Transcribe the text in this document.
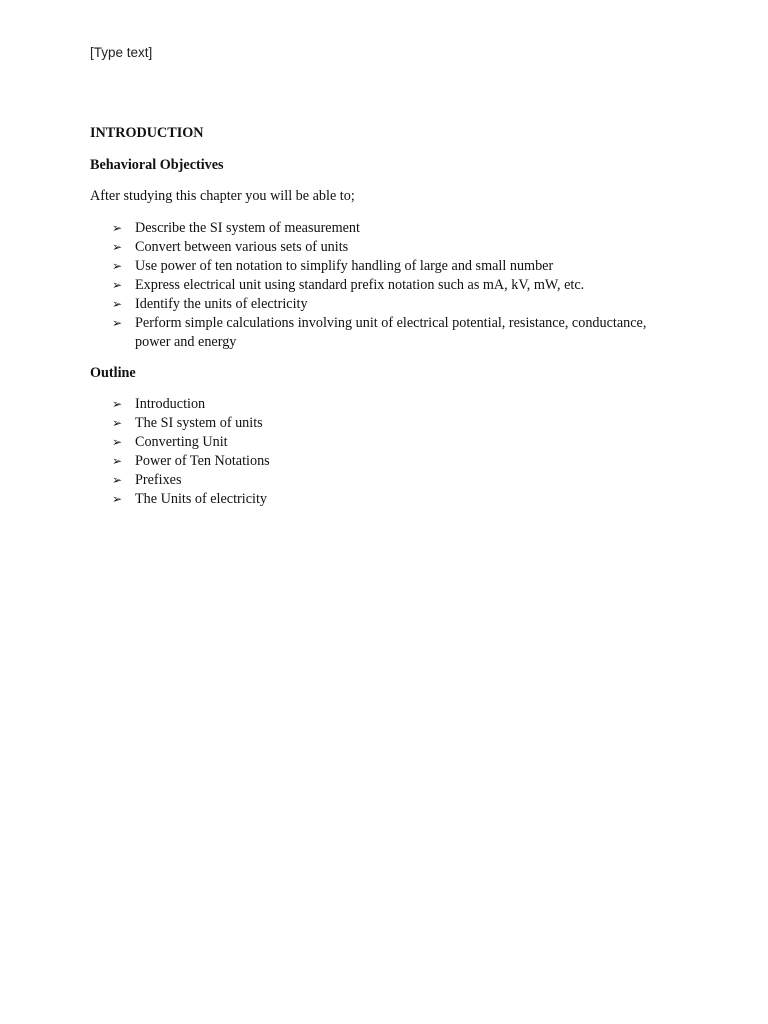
[Type text]

INTRODUCTION

Behavioral Objectives

After studying this chapter you will be able to;

➢ Describe the SI system of measurement
➢ Convert between various sets of units
➢ Use power of ten notation to simplify handling of large and small number
➢ Express electrical unit using standard prefix notation such as mA, kV, mW, etc.
➢ Identify the units of electricity
➢ Perform simple calculations involving unit of electrical potential, resistance, conductance, power and energy

Outline

➢ Introduction
➢ The SI system of units
➢ Converting Unit
➢ Power of Ten Notations
➢ Prefixes
➢ The Units of electricity
